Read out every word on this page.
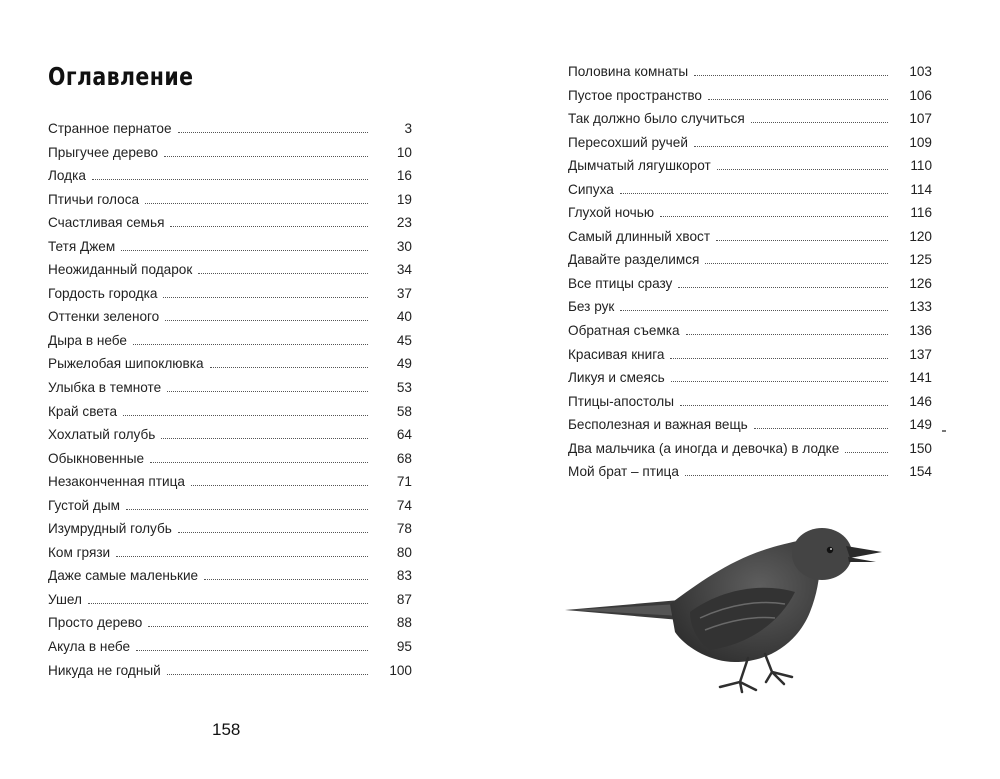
Оглавление
Странное пернатое	3
Прыгучее дерево	10
Лодка	16
Птичьи голоса	19
Счастливая семья	23
Тетя Джем	30
Неожиданный подарок	34
Гордость городка	37
Оттенки зеленого	40
Дыра в небе	45
Рыжелобая шипоклювка	49
Улыбка в темноте	53
Край света	58
Хохлатый голубь	64
Обыкновенные	68
Незаконченная птица	71
Густой дым	74
Изумрудный голубь	78
Ком грязи	80
Даже самые маленькие	83
Ушел	87
Просто дерево	88
Акула в небе	95
Никуда не годный	100
Половина комнаты	103
Пустое пространство	106
Так должно было случиться	107
Пересохший ручей	109
Дымчатый лягушкорот	110
Сипуха	114
Глухой ночью	116
Самый длинный хвост	120
Давайте разделимся	125
Все птицы сразу	126
Без рук	133
Обратная съемка	136
Красивая книга	137
Ликуя и смеясь	141
Птицы-апостолы	146
Бесполезная и важная вещь	149
Два мальчика (а иногда и девочка) в лодке	150
Мой брат – птица	154
158
